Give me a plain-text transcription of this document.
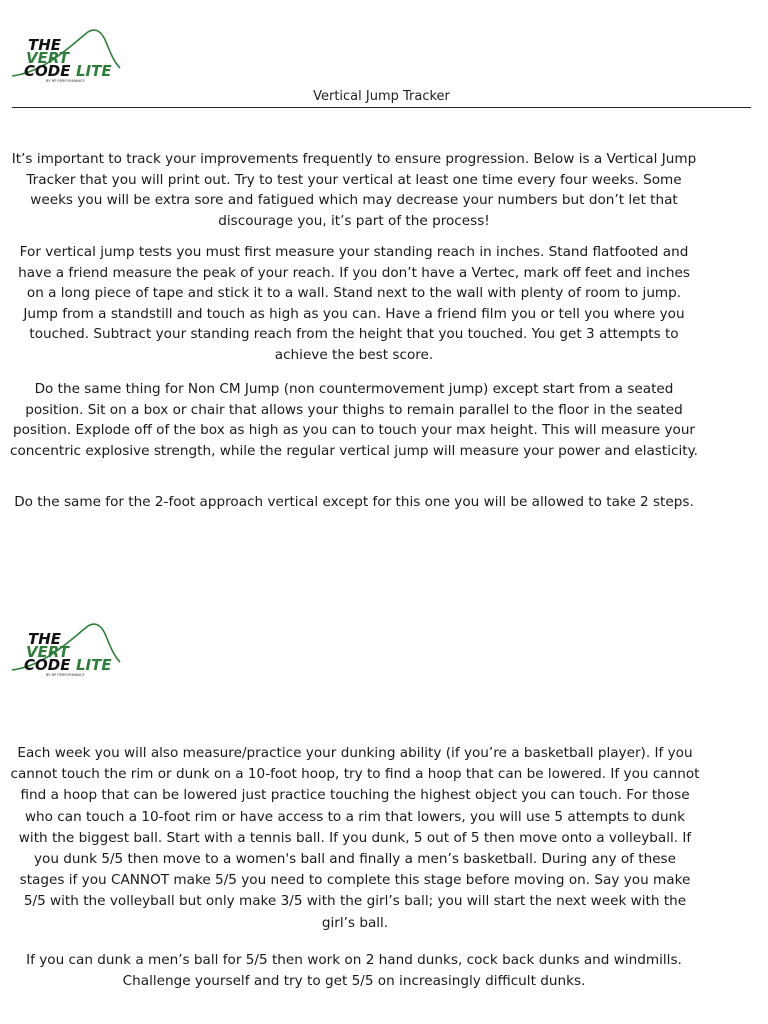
THE
VERT
CODE LITE
BY RP PERFORMANCE
Vertical Jump Tracker

It’s important to track your improvements frequently to ensure progression. Below is a Vertical Jump Tracker that you will print out. Try to test your vertical at least one time every four weeks. Some weeks you will be extra sore and fatigued which may decrease your numbers but don’t let that discourage you, it’s part of the process!

For vertical jump tests you must first measure your standing reach in inches. Stand flatfooted and have a friend measure the peak of your reach. If you don’t have a Vertec, mark off feet and inches on a long piece of tape and stick it to a wall. Stand next to the wall with plenty of room to jump. Jump from a standstill and touch as high as you can. Have a friend film you or tell you where you touched. Subtract your standing reach from the height that you touched. You get 3 attempts to achieve the best score.

Do the same thing for Non CM Jump (non countermovement jump) except start from a seated position. Sit on a box or chair that allows your thighs to remain parallel to the floor in the seated position. Explode off of the box as high as you can to touch your max height. This will measure your concentric explosive strength, while the regular vertical jump will measure your power and elasticity.

Do the same for the 2-foot approach vertical except for this one you will be allowed to take 2 steps.

THE
VERT
CODE LITE
BY RP PERFORMANCE

Each week you will also measure/practice your dunking ability (if you’re a basketball player). If you cannot touch the rim or dunk on a 10-foot hoop, try to find a hoop that can be lowered. If you cannot find a hoop that can be lowered just practice touching the highest object you can touch. For those who can touch a 10-foot rim or have access to a rim that lowers, you will use 5 attempts to dunk with the biggest ball. Start with a tennis ball. If you dunk, 5 out of 5 then move onto a volleyball. If you dunk 5/5 then move to a women's ball and finally a men’s basketball. During any of these stages if you CANNOT make 5/5 you need to complete this stage before moving on. Say you make 5/5 with the volleyball but only make 3/5 with the girl’s ball; you will start the next week with the girl’s ball.

If you can dunk a men’s ball for 5/5 then work on 2 hand dunks, cock back dunks and windmills. Challenge yourself and try to get 5/5 on increasingly difficult dunks.
